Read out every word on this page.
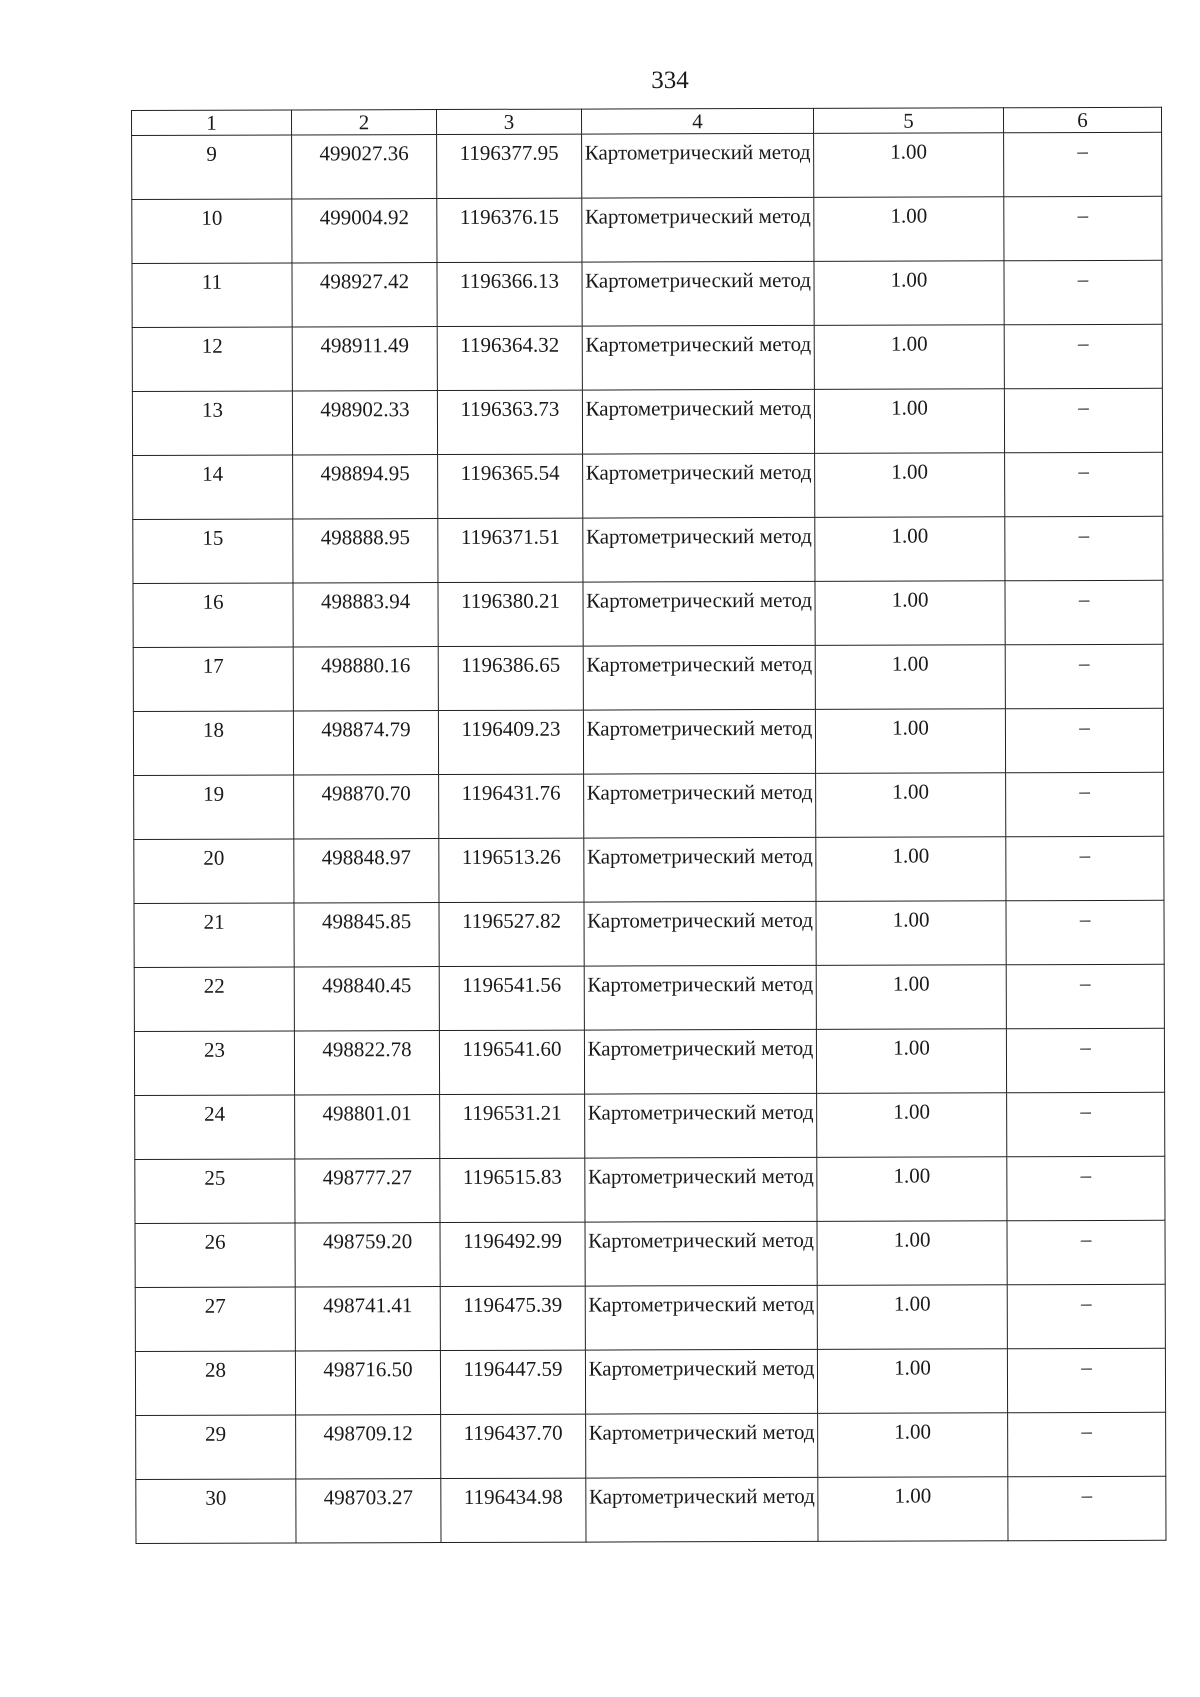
334
1	2	3	4	5	6
9	499027.36	1196377.95	Картометрический метод	1.00	–
10	499004.92	1196376.15	Картометрический метод	1.00	–
11	498927.42	1196366.13	Картометрический метод	1.00	–
12	498911.49	1196364.32	Картометрический метод	1.00	–
13	498902.33	1196363.73	Картометрический метод	1.00	–
14	498894.95	1196365.54	Картометрический метод	1.00	–
15	498888.95	1196371.51	Картометрический метод	1.00	–
16	498883.94	1196380.21	Картометрический метод	1.00	–
17	498880.16	1196386.65	Картометрический метод	1.00	–
18	498874.79	1196409.23	Картометрический метод	1.00	–
19	498870.70	1196431.76	Картометрический метод	1.00	–
20	498848.97	1196513.26	Картометрический метод	1.00	–
21	498845.85	1196527.82	Картометрический метод	1.00	–
22	498840.45	1196541.56	Картометрический метод	1.00	–
23	498822.78	1196541.60	Картометрический метод	1.00	–
24	498801.01	1196531.21	Картометрический метод	1.00	–
25	498777.27	1196515.83	Картометрический метод	1.00	–
26	498759.20	1196492.99	Картометрический метод	1.00	–
27	498741.41	1196475.39	Картометрический метод	1.00	–
28	498716.50	1196447.59	Картометрический метод	1.00	–
29	498709.12	1196437.70	Картометрический метод	1.00	–
30	498703.27	1196434.98	Картометрический метод	1.00	–
